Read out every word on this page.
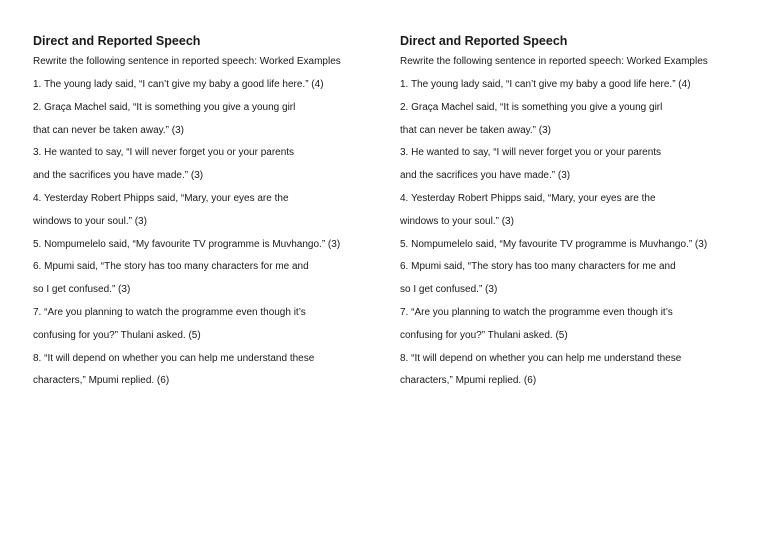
Direct and Reported Speech
Rewrite the following sentence in reported speech: Worked Examples
1. The young lady said, “I can’t give my baby a good life here.” (4)
2. Graça Machel said, “It is something you give a young girl
that can never be taken away.” (3)
3. He wanted to say, “I will never forget you or your parents
and the sacrifices you have made.” (3)
4. Yesterday Robert Phipps said, “Mary, your eyes are the
windows to your soul.” (3)
5. Nompumelelo said, “My favourite TV programme is Muvhango.” (3)
6. Mpumi said, “The story has too many characters for me and
so I get confused.” (3)
7. “Are you planning to watch the programme even though it’s
confusing for you?” Thulani asked. (5)
8. “It will depend on whether you can help me understand these
characters,” Mpumi replied. (6)
Direct and Reported Speech
Rewrite the following sentence in reported speech: Worked Examples
1. The young lady said, “I can’t give my baby a good life here.” (4)
2. Graça Machel said, “It is something you give a young girl
that can never be taken away.” (3)
3. He wanted to say, “I will never forget you or your parents
and the sacrifices you have made.” (3)
4. Yesterday Robert Phipps said, “Mary, your eyes are the
windows to your soul.” (3)
5. Nompumelelo said, “My favourite TV programme is Muvhango.” (3)
6. Mpumi said, “The story has too many characters for me and
so I get confused.” (3)
7. “Are you planning to watch the programme even though it’s
confusing for you?” Thulani asked. (5)
8. “It will depend on whether you can help me understand these
characters,” Mpumi replied. (6)
